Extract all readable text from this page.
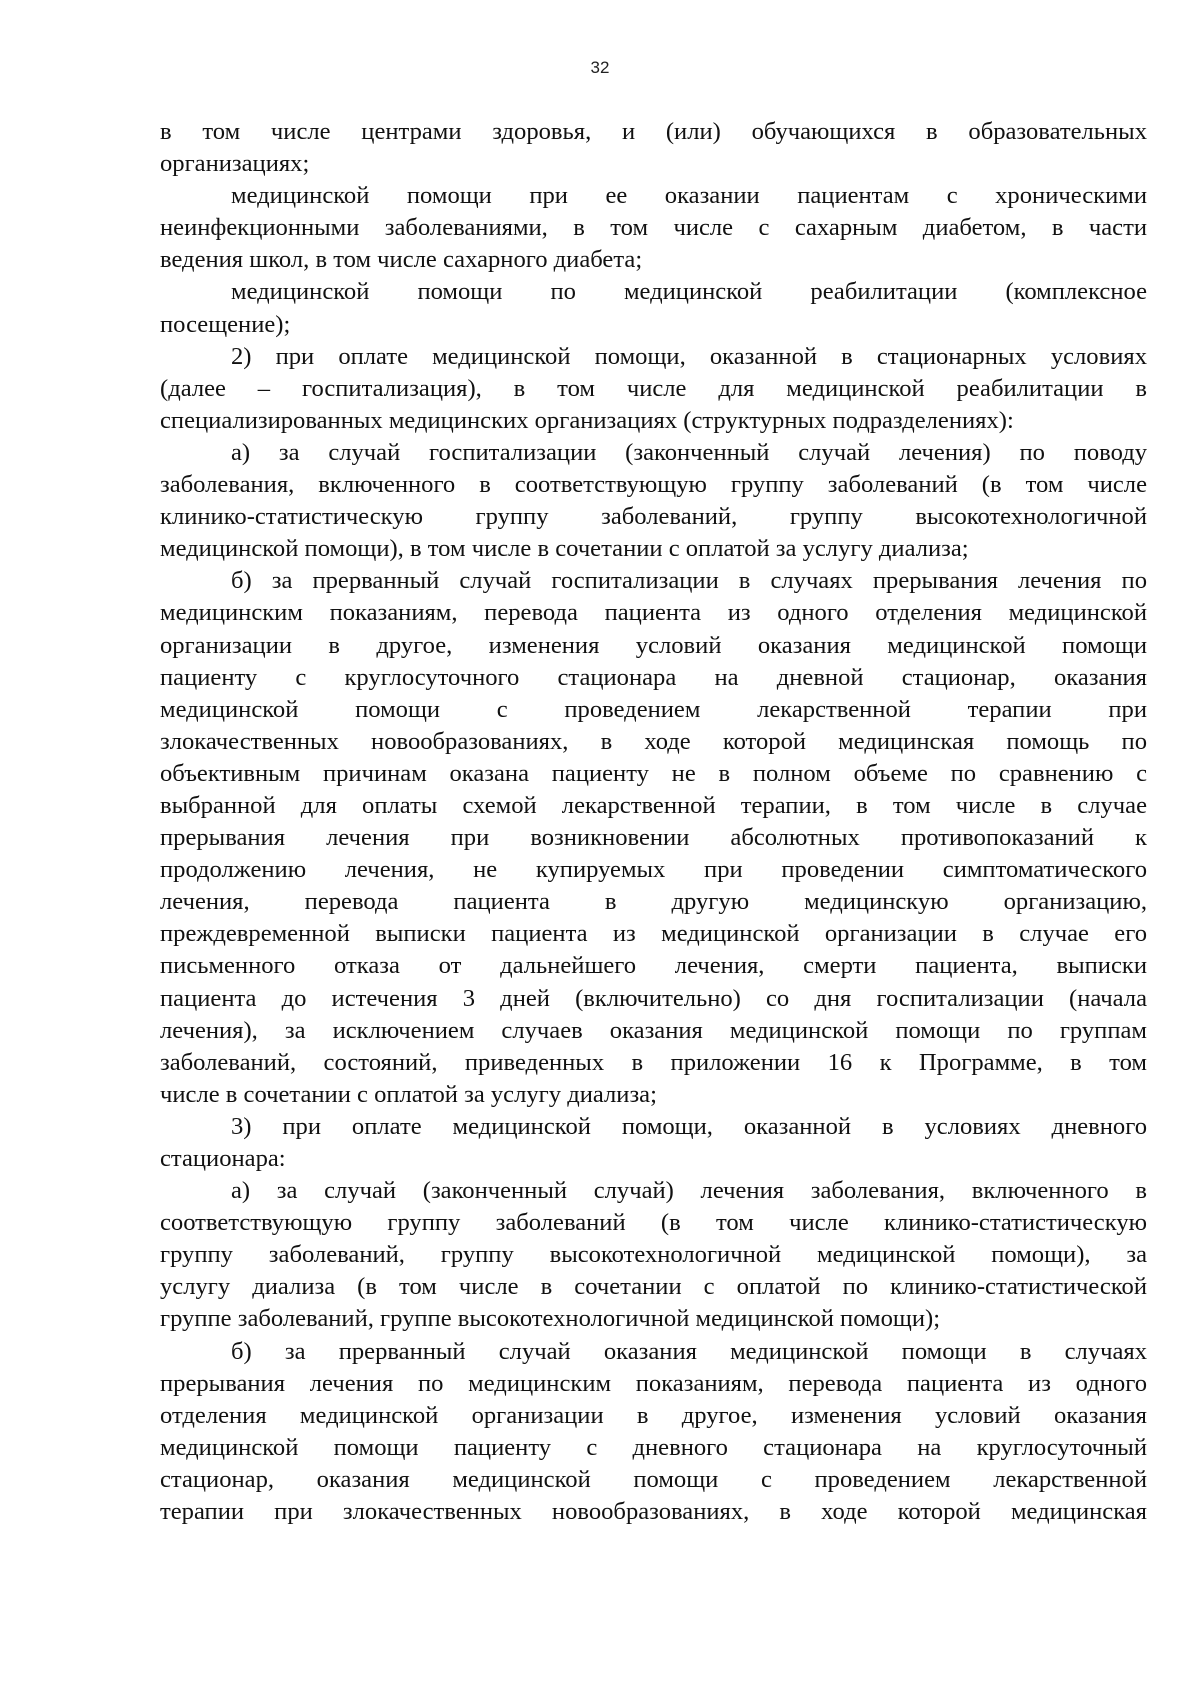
32
в том числе центрами здоровья, и (или) обучающихся в образовательных
организациях;
медицинской помощи при ее оказании пациентам с хроническими
неинфекционными заболеваниями, в том числе с сахарным диабетом, в части
ведения школ, в том числе сахарного диабета;
медицинской помощи по медицинской реабилитации (комплексное
посещение);
2) при оплате медицинской помощи, оказанной в стационарных условиях
(далее – госпитализация), в том числе для медицинской реабилитации в
специализированных медицинских организациях (структурных подразделениях):
а) за случай госпитализации (законченный случай лечения) по поводу
заболевания, включенного в соответствующую группу заболеваний (в том числе
клинико-статистическую группу заболеваний, группу высокотехнологичной
медицинской помощи), в том числе в сочетании с оплатой за услугу диализа;
б) за прерванный случай госпитализации в случаях прерывания лечения по
медицинским показаниям, перевода пациента из одного отделения медицинской
организации в другое, изменения условий оказания медицинской помощи
пациенту с круглосуточного стационара на дневной стационар, оказания
медицинской помощи с проведением лекарственной терапии при
злокачественных новообразованиях, в ходе которой медицинская помощь по
объективным причинам оказана пациенту не в полном объеме по сравнению с
выбранной для оплаты схемой лекарственной терапии, в том числе в случае
прерывания лечения при возникновении абсолютных противопоказаний к
продолжению лечения, не купируемых при проведении симптоматического
лечения, перевода пациента в другую медицинскую организацию,
преждевременной выписки пациента из медицинской организации в случае его
письменного отказа от дальнейшего лечения, смерти пациента, выписки
пациента до истечения 3 дней (включительно) со дня госпитализации (начала
лечения), за исключением случаев оказания медицинской помощи по группам
заболеваний, состояний, приведенных в приложении 16 к Программе, в том
числе в сочетании с оплатой за услугу диализа;
3) при оплате медицинской помощи, оказанной в условиях дневного
стационара:
а) за случай (законченный случай) лечения заболевания, включенного в
соответствующую группу заболеваний (в том числе клинико-статистическую
группу заболеваний, группу высокотехнологичной медицинской помощи), за
услугу диализа (в том числе в сочетании с оплатой по клинико-статистической
группе заболеваний, группе высокотехнологичной медицинской помощи);
б) за прерванный случай оказания медицинской помощи в случаях
прерывания лечения по медицинским показаниям, перевода пациента из одного
отделения медицинской организации в другое, изменения условий оказания
медицинской помощи пациенту с дневного стационара на круглосуточный
стационар, оказания медицинской помощи с проведением лекарственной
терапии при злокачественных новообразованиях, в ходе которой медицинская
